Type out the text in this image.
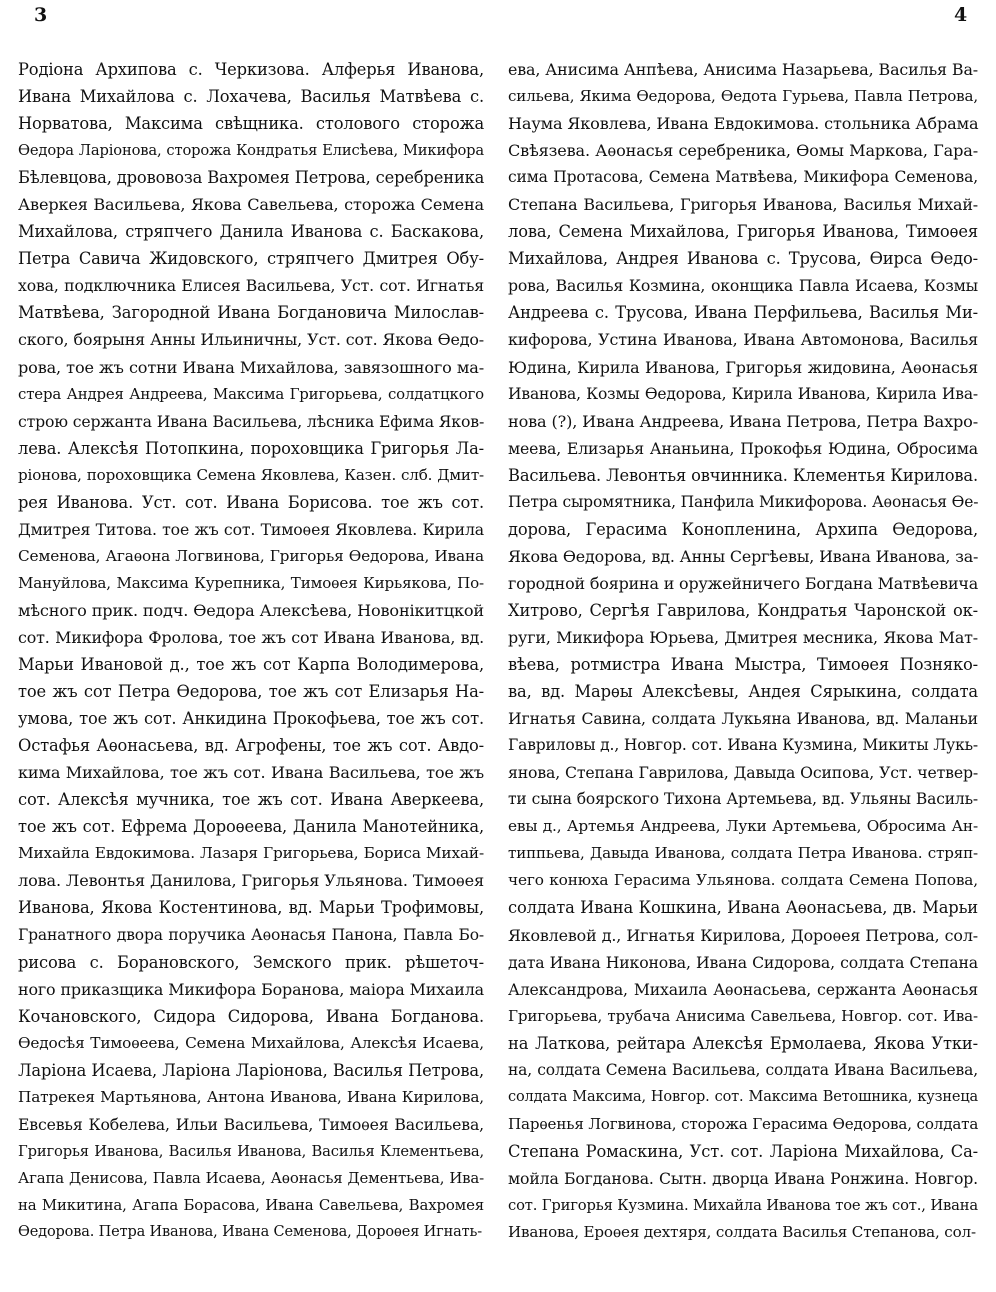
3	4
Родіона Архипова с. Черкизова. Алферья Иванова,
Ивана Михайлова с. Лохачева, Василья Матвѣева с.
Норватова, Максима свѣщника. столового сторожа
Ѳедора Ларіонова, сторожа Кондратья Елисѣева, Микифора
Бѣлевцова, дрововоза Вахромея Петрова, серебреника
Аверкея Васильева, Якова Савельева, сторожа Семена
Михайлова, стряпчего Данила Иванова с. Баскакова,
Петра Савича Жидовского, стряпчего Дмитрея Обу-
хова, подключника Елисея Васильева, Уст. сот. Игнатья
Матвѣева, Загородной Ивана Богдановича Милослав-
ского, боярыня Анны Ильиничны, Уст. сот. Якова Ѳедо-
рова, тое жъ сотни Ивана Михайлова, завязошного ма-
стера Андрея Андреева, Максима Григорьева, солдатцкого
строю сержанта Ивана Васильева, лѣсника Ефима Яков-
лева. Алексѣя Потопкина, пороховщика Григорья Ла-
ріонова, пороховщика Семена Яковлева, Казен. слб. Дмит-
рея Иванова. Уст. сот. Ивана Борисова. тое жъ сот.
Дмитрея Титова. тое жъ сот. Тимоѳея Яковлева. Кирила
Семенова, Агаѳона Логвинова, Григорья Ѳедорова, Ивана
Мануйлова, Максима Курепника, Тимоѳея Кирьякова, По-
мѣсного прик. подч. Ѳедора Алексѣева, Новонікитцкой
сот. Микифора Фролова, тое жъ сот Ивана Иванова, вд.
Марьи Ивановой д., тое жъ сот Карпа Володимерова,
тое жъ сот Петра Ѳедорова, тое жъ сот Елизарья На-
умова, тое жъ сот. Анкидина Прокофьева, тое жъ сот.
Остафья Аѳонасьева, вд. Агрофены, тое жъ сот. Авдо-
кима Михайлова, тое жъ сот. Ивана Васильева, тое жъ
сот. Алексѣя мучника, тое жъ сот. Ивана Аверкеева,
тое жъ сот. Ефрема Дороѳеева, Данила Манотейника,
Михайла Евдокимова. Лазаря Григорьева, Бориса Михай-
лова. Левонтья Данилова, Григорья Ульянова. Тимоѳея
Иванова, Якова Костентинова, вд. Марьи Трофимовы,
Гранатного двора поручика Аѳонасья Панона, Павла Бо-
рисова с. Борановского, Земского прик. рѣшеточ-
ного приказщика Микифора Боранова, маіора Михаила
Кочановского, Сидора Сидорова, Ивана Богданова.
Ѳедосѣя Тимоѳеева, Семена Михайлова, Алексѣя Исаева,
Ларіона Исаева, Ларіона Ларіонова, Василья Петрова,
Патрекея Мартьянова, Антона Иванова, Ивана Кирилова,
Евсевья Кобелева, Ильи Васильева, Тимоѳея Васильева,
Григорья Иванова, Василья Иванова, Василья Клементьева,
Агапа Денисова, Павла Исаева, Аѳонасья Дементьева, Ива-
на Микитина, Агапа Борасова, Ивана Савельева, Вахромея
Ѳедорова. Петра Иванова, Ивана Семенова, Дороѳея Игнать-
ева, Анисима Анпѣева, Анисима Назарьева, Василья Ва-
сильева, Якима Ѳедорова, Ѳедота Гурьева, Павла Петрова,
Наума Яковлева, Ивана Евдокимова. стольника Абрама
Свѣязева. Аѳонасья серебреника, Ѳомы Маркова, Гара-
сима Протасова, Семена Матвѣева, Микифора Семенова,
Степана Васильева, Григорья Иванова, Василья Михай-
лова, Семена Михайлова, Григорья Иванова, Тимоѳея
Михайлова, Андрея Иванова с. Трусова, Ѳирса Ѳедо-
рова, Василья Козмина, оконщика Павла Исаева, Козмы
Андреева с. Трусова, Ивана Перфильева, Василья Ми-
кифорова, Устина Иванова, Ивана Автомонова, Василья
Юдина, Кирила Иванова, Григорья жидовина, Аѳонасья
Иванова, Козмы Ѳедорова, Кирила Иванова, Кирила Ива-
нова (?), Ивана Андреева, Ивана Петрова, Петра Вахро-
меева, Елизарья Ананьина, Прокофья Юдина, Обросима
Васильева. Левонтья овчинника. Клементья Кирилова.
Петра сыромятника, Панфила Микифорова. Аѳонасья Ѳе-
дорова, Герасима Конопленина, Архипа Ѳедорова,
Якова Ѳедорова, вд. Анны Сергѣевы, Ивана Иванова, за-
городной боярина и оружейничего Богдана Матвѣевича
Хитрово, Сергѣя Гаврилова, Кондратья Чаронской ок-
руги, Микифора Юрьева, Дмитрея месника, Якова Мат-
вѣева, ротмистра Ивана Мыстра, Тимоѳея Позняко-
ва, вд. Марѳы Алексѣевы, Андея Сярыкина, солдата
Игнатья Савина, солдата Лукьяна Иванова, вд. Маланьи
Гавриловы д., Новгор. сот. Ивана Кузмина, Микиты Лукь-
янова, Степана Гаврилова, Давыда Осипова, Уст. четвер-
ти сына боярского Тихона Артемьева, вд. Ульяны Василь-
евы д., Артемья Андреева, Луки Артемьева, Обросима Ан-
типпьева, Давыда Иванова, солдата Петра Иванова. стряп-
чего конюха Герасима Ульянова. солдата Семена Попова,
солдата Ивана Кошкина, Ивана Аѳонасьева, дв. Марьи
Яковлевой д., Игнатья Кирилова, Дороѳея Петрова, сол-
дата Ивана Никонова, Ивана Сидорова, солдата Степана
Александрова, Михаила Аѳонасьева, сержанта Аѳонасья
Григорьева, трубача Анисима Савельева, Новгор. сот. Ива-
на Латкова, рейтара Алексѣя Ермолаева, Якова Утки-
на, солдата Семена Васильева, солдата Ивана Васильева,
солдата Максима, Новгор. сот. Максима Ветошника, кузнеца
Парѳенья Логвинова, сторожа Герасима Ѳедорова, солдата
Степана Ромаскина, Уст. сот. Ларіона Михайлова, Са-
мойла Богданова. Сытн. дворца Ивана Ронжина. Новгор.
сот. Григорья Кузмина. Михайла Иванова тое жъ сот., Ивана
Иванова, Ероѳея дехтяря, солдата Василья Степанова, сол-
